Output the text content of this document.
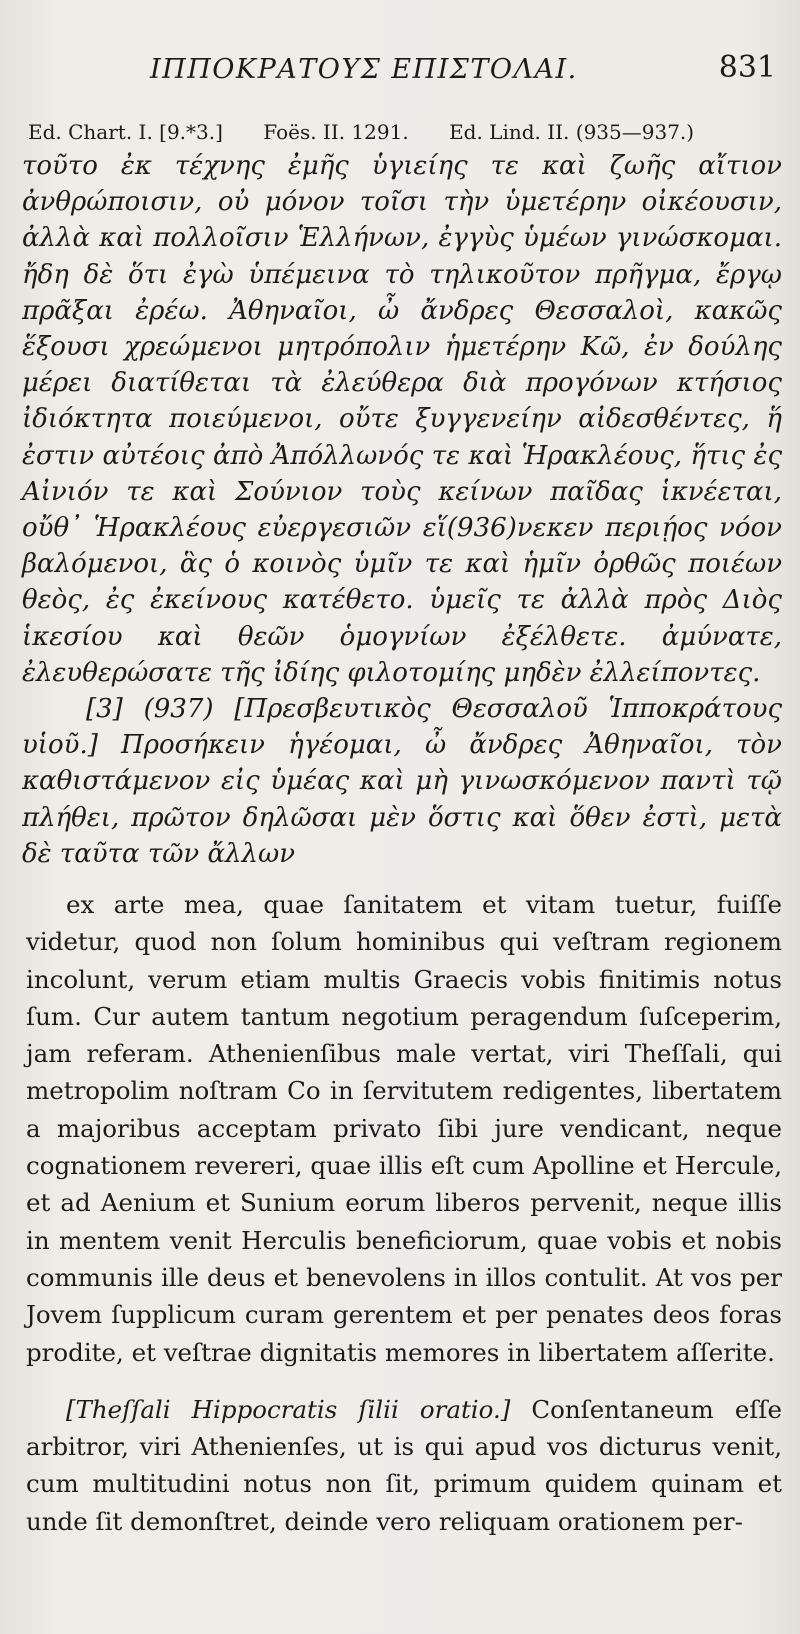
ΙΠΠΟΚΡΑΤΟΥΣ ΕΠΙΣΤΟΛΑΙ.	831
Ed. Chart. I. [9.*3.] Foës. II. 1291. Ed. Lind. II. (935—937.)

τοῦτο ἐκ τέχνης ἐμῆς ὑγιείης τε καὶ ζωῆς αἴτιον ἀνθρώποισιν, οὐ μόνον τοῖσι τὴν ὑμετέρην οἰκέουσιν, ἀλλὰ καὶ πολλοῖσιν Ἑλλήνων, ἐγγὺς ὑμέων γινώσκομαι. ἤδη δὲ ὅτι ἐγὼ ὑπέμεινα τὸ τηλικοῦτον πρῆγμα, ἔργῳ πρᾶξαι ἐρέω. Ἀθηναῖοι, ὦ ἄνδρες Θεσσαλοὶ, κακῶς ἕξουσι χρεώμενοι μητρόπολιν ἡμετέρην Κῶ, ἐν δούλης μέρει διατίθεται τὰ ἐλεύθερα διὰ προγόνων κτήσιος ἰδιόκτητα ποιεύμενοι, οὔτε ξυγγενείην αἰδεσθέντες, ἥ ἐστιν αὐτέοις ἀπὸ Ἀπόλλωνός τε καὶ Ἡρακλέους, ἥτις ἐς Αἰνιόν τε καὶ Σούνιον τοὺς κείνων παῖδας ἱκνέεται, οὔθ᾽ Ἡρακλέους εὐεργεσιῶν εἵ(936)νεκεν περιῄος νόον βαλόμενοι, ἃς ὁ κοινὸς ὑμῖν τε καὶ ἡμῖν ὀρθῶς ποιέων θεὸς, ἐς ἐκείνους κατέθετο. ὑμεῖς τε ἀλλὰ πρὸς Διὸς ἱκεσίου καὶ θεῶν ὁμογνίων ἐξέλθετε. ἀμύνατε, ἐλευθερώσατε τῆς ἰδίης φιλοτομίης μηδὲν ἐλλείποντες.

[3] (937) [Πρεσβευτικὸς Θεσσαλοῦ Ἱπποκράτους υἱοῦ.] Προσήκειν ἡγέομαι, ὦ ἄνδρες Ἀθηναῖοι, τὸν καθιστάμενον εἰς ὑμέας καὶ μὴ γινωσκόμενον παντὶ τῷ πλήθει, πρῶτον δηλῶσαι μὲν ὅστις καὶ ὅθεν ἐστὶ, μετὰ δὲ ταῦτα τῶν ἄλλων

ex arte mea, quae ſanitatem et vitam tuetur, fuiſſe videtur, quod non ſolum hominibus qui veſtram regionem incolunt, verum etiam multis Graecis vobis finitimis notus ſum. Cur autem tantum negotium peragendum ſuſceperim, jam referam. Athenienſibus male vertat, viri Theſſali, qui metropolim noſtram Co in ſervitutem redigentes, libertatem a majoribus acceptam privato ſibi jure vendicant, neque cognationem revereri, quae illis eſt cum Apolline et Hercule, et ad Aenium et Sunium eorum liberos pervenit, neque illis in mentem venit Herculis beneficiorum, quae vobis et nobis communis ille deus et benevolens in illos contulit. At vos per Jovem ſupplicum curam gerentem et per penates deos foras prodite, et veſtrae dignitatis memores in libertatem aſſerite.

[Theſſali Hippocratis ſilii oratio.] Conſentaneum eſſe arbitror, viri Athenienſes, ut is qui apud vos dicturus venit, cum multitudini notus non ſit, primum quidem quinam et unde ſit demonſtret, deinde vero reliquam orationem per-
